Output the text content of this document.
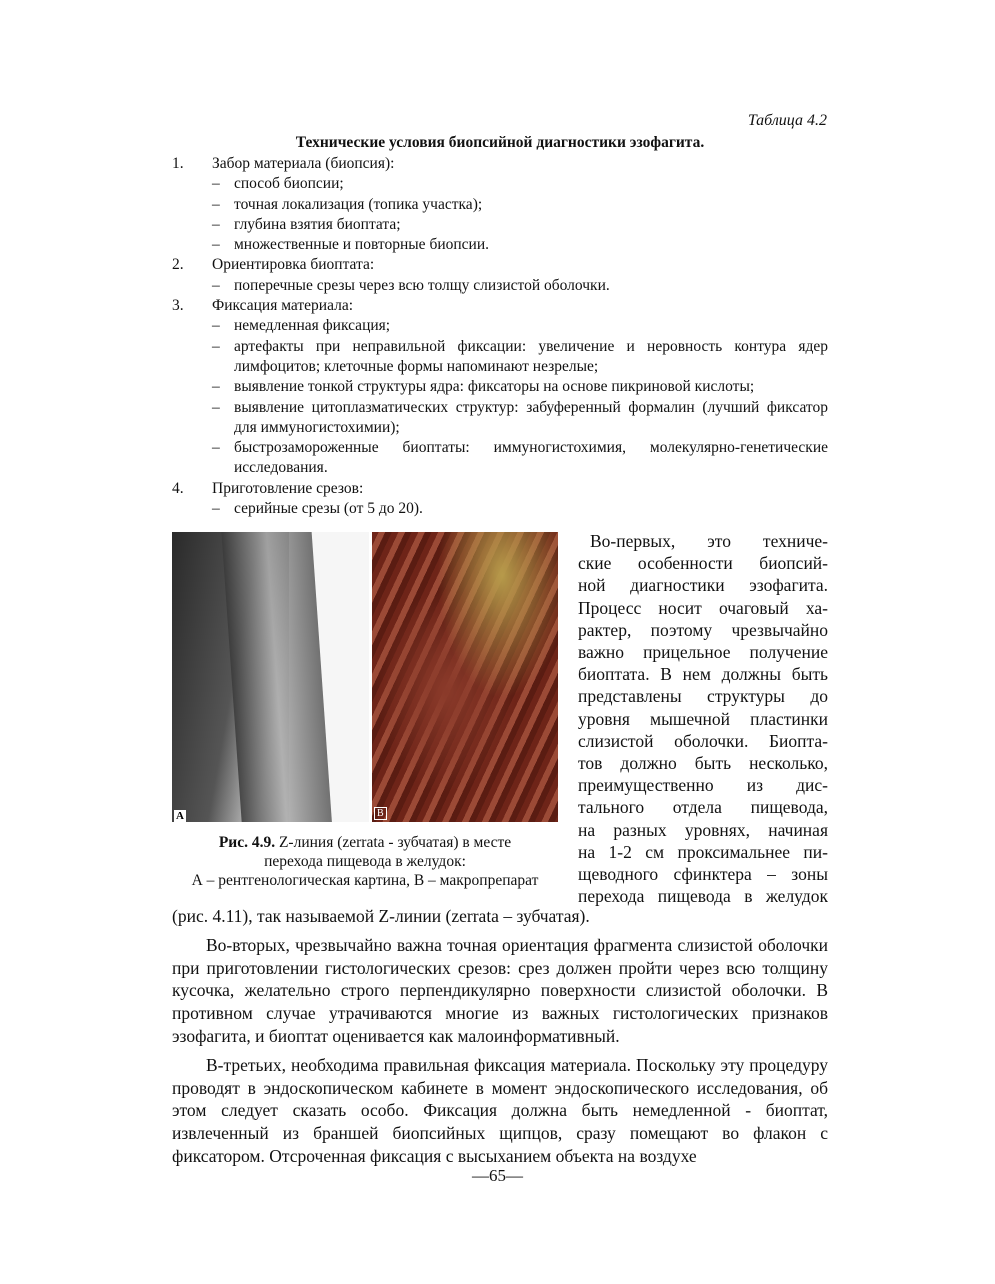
Таблица 4.2
Технические условия биопсийной диагностики эзофагита.
1.	Забор материала (биопсия):
– способ биопсии;
– точная локализация (топика участка);
– глубина взятия биоптата;
– множественные и повторные биопсии.
2.	Ориентировка биоптата:
– поперечные срезы через всю толщу слизистой оболочки.
3.	Фиксация материала:
– немедленная фиксация;
– артефакты при неправильной фиксации: увеличение и неровность контура ядер лимфоцитов; клеточные формы напоминают незрелые;
– выявление тонкой структуры ядра: фиксаторы на основе пикриновой кислоты;
– выявление цитоплазматических структур: забуференный формалин (лучший фиксатор для иммуногистохимии);
– быстрозамороженные биоптаты: иммуногистохимия, молекулярно-генетические исследования.
4.	Приготовление срезов:
– серийные срезы (от 5 до 20).
A	B
Рис. 4.9. Z-линия (zerrata - зубчатая) в месте
перехода пищевода в желудок:
А – рентгенологическая картина, В – макропрепарат
Во-первых, это техниче-
ские особенности биопсий-
ной диагностики эзофагита.
Процесс носит очаговый ха-
рактер, поэтому чрезвычайно
важно прицельное получение
биоптата. В нем должны быть
представлены структуры до
уровня мышечной пластинки
слизистой оболочки. Биопта-
тов должно быть несколько,
преимущественно из дис-
тального отдела пищевода,
на разных уровнях, начиная
на 1-2 см проксимальнее пи-
щеводного сфинктера – зоны
перехода пищевода в желудок

(рис. 4.11), так называемой Z-линии (zerrata – зубчатая).

Во-вторых, чрезвычайно важна точная ориентация фрагмента слизистой оболочки при приготовлении гистологических срезов: срез должен пройти через всю толщину кусочка, желательно строго перпендикулярно поверхности слизистой оболочки. В противном случае утрачиваются многие из важных гистологических признаков эзофагита, и биоптат оценивается как малоинформативный.

В-третьих, необходима правильная фиксация материала. Поскольку эту процедуру проводят в эндоскопическом кабинете в момент эндоскопического исследования, об этом следует сказать особо. Фиксация должна быть немедленной - биоптат, извлеченный из браншей биопсийных щипцов, сразу помещают во флакон с фиксатором. Отсроченная фиксация с высыханием объекта на воздухе

—65—
